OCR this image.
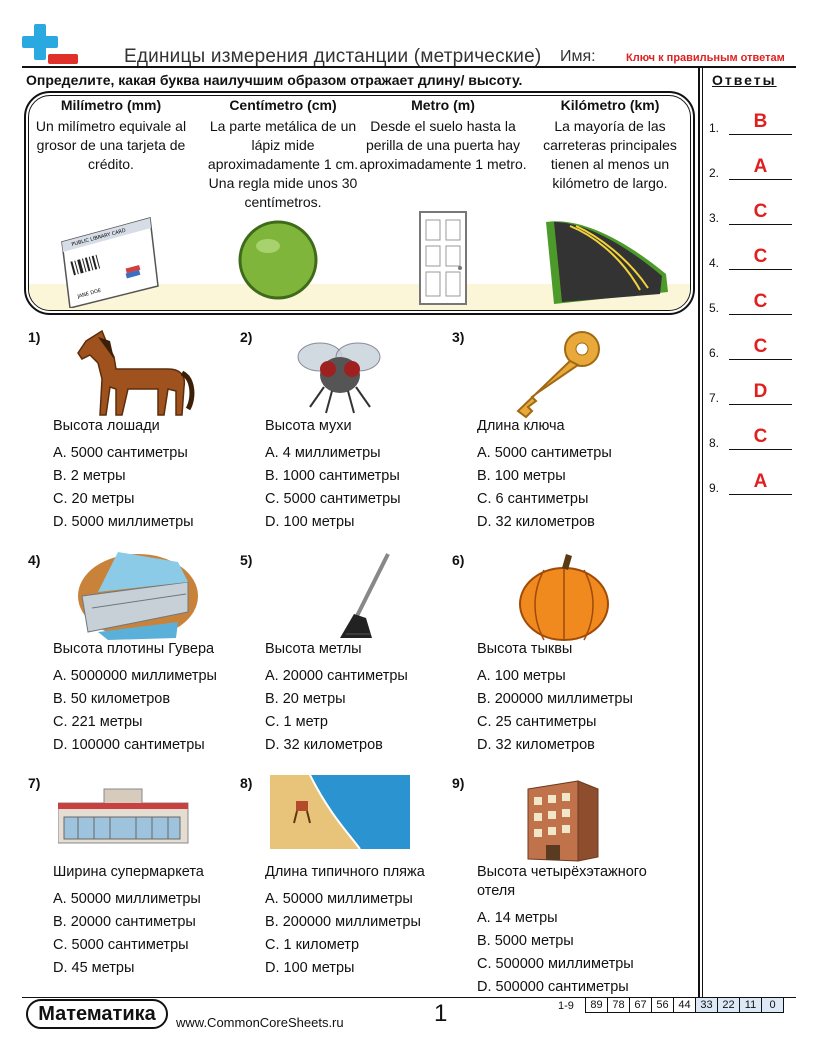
Единицы измерения дистанции (метрические) Имя:	Ключ к правильным ответам
Определите, какая буква наилучшим образом отражает длину/ высоту.	Ответы
1.	B
2.	A
3.	C
4.	C
5.	C
6.	C
7.	D
8.	C
9.	A
Milímetro (mm)

Un milímetro equivale al grosor de una tarjeta de crédito.

Centímetro (cm)

La parte metálica de un lápiz mide aproximadamente 1 cm. Una regla mide unos 30 centímetros.

Metro (m)

Desde el suelo hasta la perilla de una puerta hay aproximadamente 1 metro.

Kilómetro (km)

La mayoría de las carreteras principales tienen al menos un kilómetro de largo.

PUBLIC LIBRARY CARD
JANE DOE
1)
Высота лошади
A. 5000 сантиметры
B. 2 метры
C. 20 метры
D. 5000 миллиметры
2)
Высота мухи
A. 4 миллиметры
B. 1000 сантиметры
C. 5000 сантиметры
D. 100 метры
3)
Длина ключа
A. 5000 сантиметры
B. 100 метры
C. 6 сантиметры
D. 32 километров
4)
Высота плотины Гувера
A. 5000000 миллиметры
B. 50 километров
C. 221 метры
D. 100000 сантиметры
5)
Высота метлы
A. 20000 сантиметры
B. 20 метры
C. 1 метр
D. 32 километров
6)
Высота тыквы
A. 100 метры
B. 200000 миллиметры
C. 25 сантиметры
D. 32 километров
7)
Ширина супермаркета
A. 50000 миллиметры
B. 20000 сантиметры
C. 5000 сантиметры
D. 45 метры
8)
Длина типичного пляжа
A. 50000 миллиметры
B. 200000 миллиметры
C. 1 километр
D. 100 метры
9)
Высота четырёхэтажного отеля
A. 14 метры
B. 5000 метры
C. 500000 миллиметры
D. 500000 сантиметры
Математика	www.CommonCoreSheets.ru	1	1-9	89 78 67 56 44 33 22 11	0
